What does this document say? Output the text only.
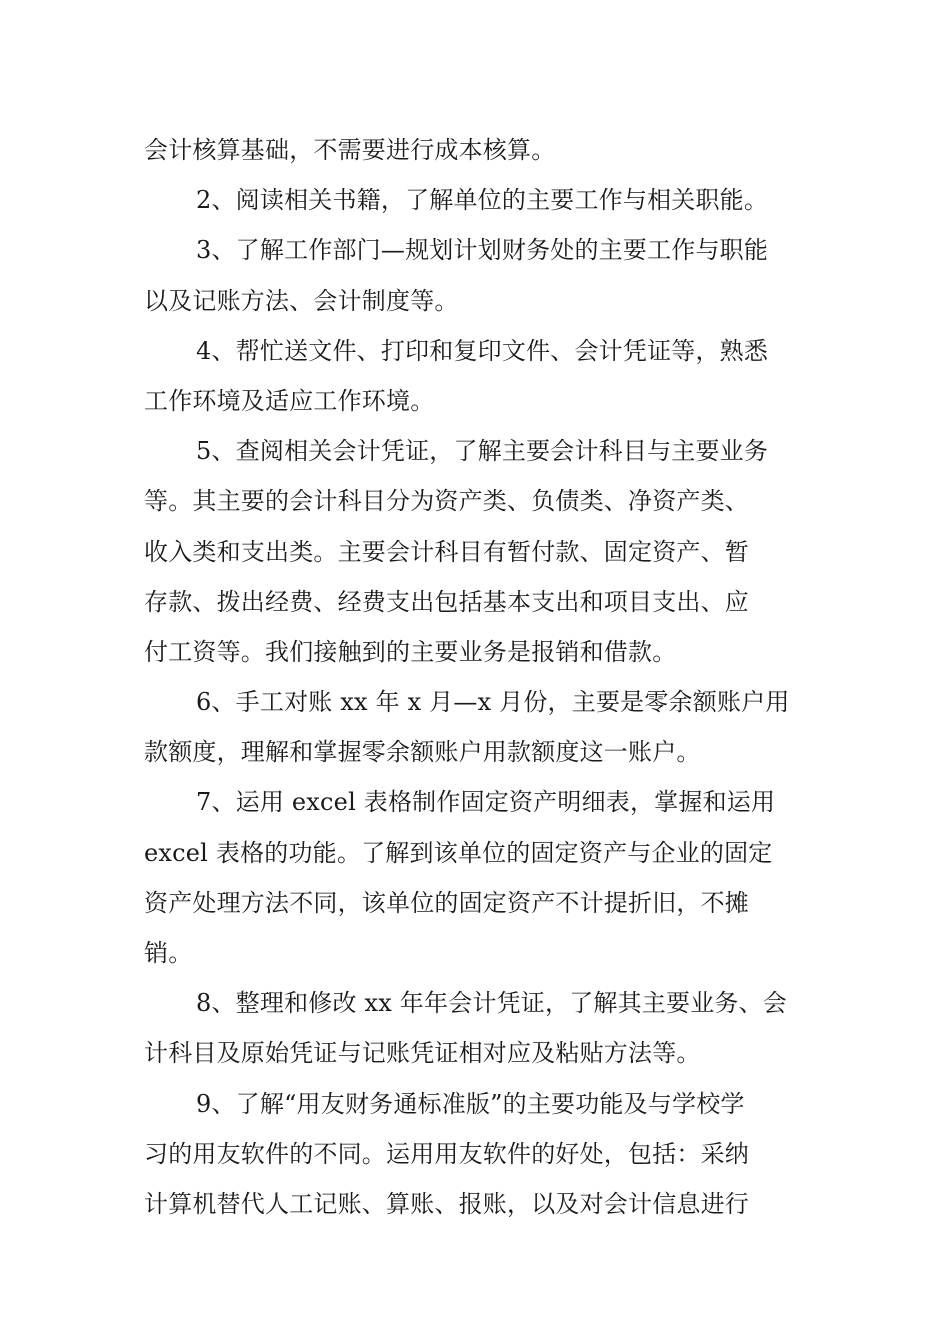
会计核算基础，不需要进行成本核算。
2、阅读相关书籍，了解单位的主要工作与相关职能。
3、了解工作部门—规划计划财务处的主要工作与职能
以及记账方法、会计制度等。
4、帮忙送文件、打印和复印文件、会计凭证等，熟悉
工作环境及适应工作环境。
5、查阅相关会计凭证，了解主要会计科目与主要业务
等。其主要的会计科目分为资产类、负债类、净资产类、
收入类和支出类。主要会计科目有暂付款、固定资产、暂
存款、拨出经费、经费支出包括基本支出和项目支出、应
付工资等。我们接触到的主要业务是报销和借款。
6、手工对账 xx 年 x 月—x 月份，主要是零余额账户用
款额度，理解和掌握零余额账户用款额度这一账户。
7、运用 excel 表格制作固定资产明细表，掌握和运用
excel 表格的功能。了解到该单位的固定资产与企业的固定
资产处理方法不同，该单位的固定资产不计提折旧，不摊
销。
8、整理和修改 xx 年年会计凭证，了解其主要业务、会
计科目及原始凭证与记账凭证相对应及粘贴方法等。
9、了解“用友财务通标准版”的主要功能及与学校学
习的用友软件的不同。运用用友软件的好处，包括：采纳
计算机替代人工记账、算账、报账，以及对会计信息进行
